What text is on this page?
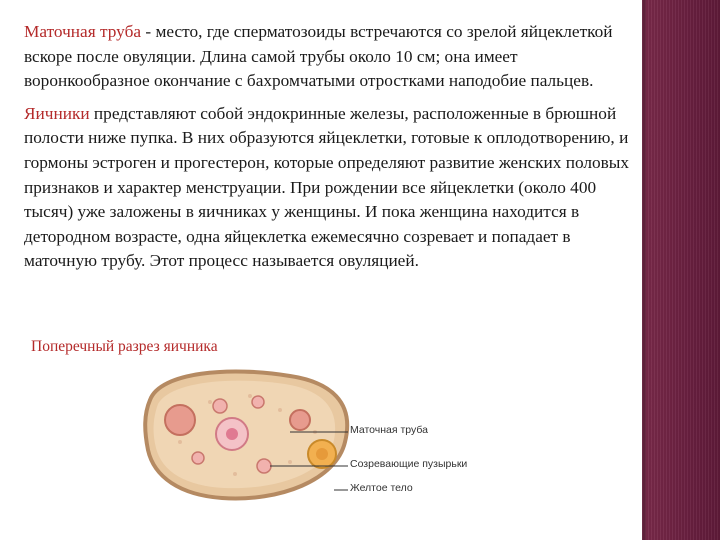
Маточная труба - место, где сперматозоиды встречаются со зрелой яйцеклеткой вскоре после овуляции. Длина самой трубы около 10 см; она имеет воронкообразное окончание с бахромчатыми отростками наподобие пальцев.

Яичники представляют собой эндокринные железы, расположенные в брюшной полости ниже пупка. В них образуются яйцеклетки, готовые к оплодотворению, и гормоны эстроген и прогестерон, которые определяют развитие женских половых признаков и характер менструации. При рождении все яйцеклетки (около 400 тысяч) уже заложены в яичниках у женщины. И пока женщина находится в детородном возрасте, одна яйцеклетка ежемесячно созревает и попадает в маточную трубу. Этот процесс называется овуляцией.

Поперечный разрез яичника
Маточная труба
Созревающие пузырьки
Желтое тело
